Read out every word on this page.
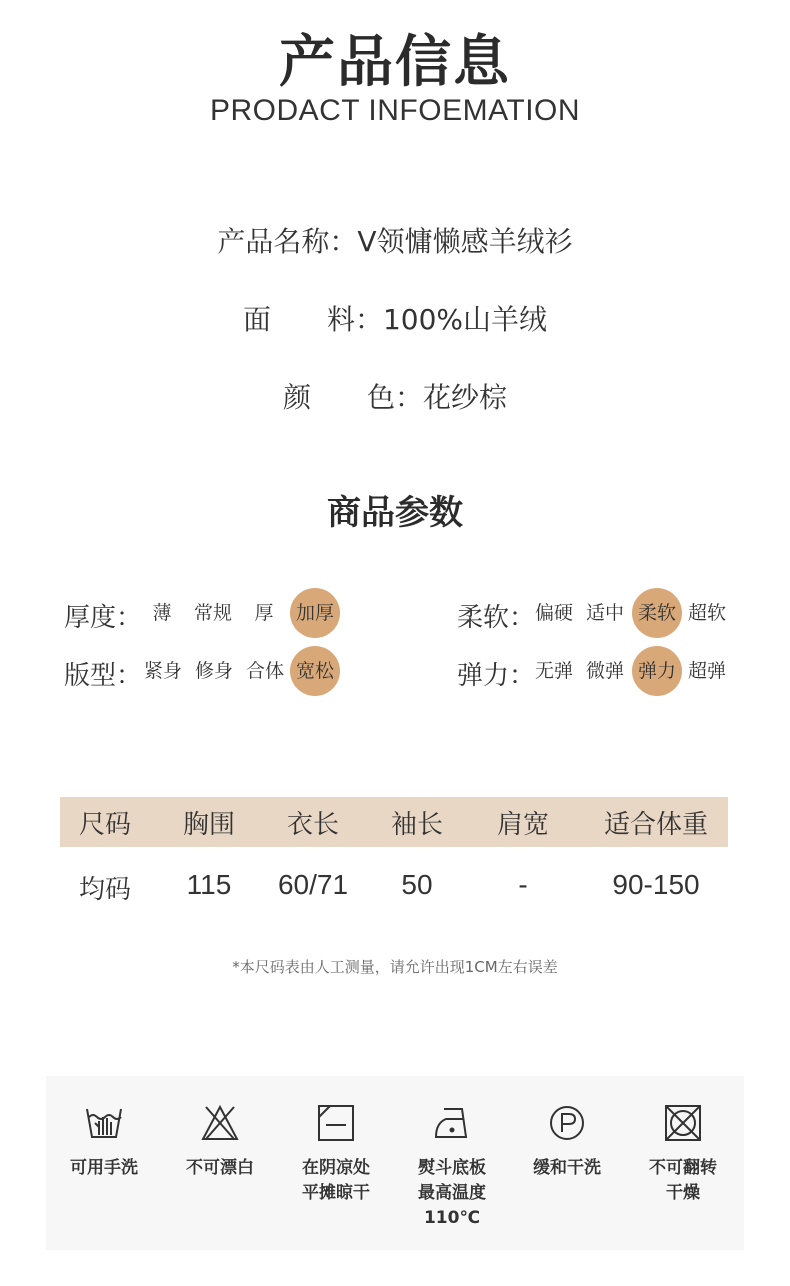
产品信息
PRODACT INFOEMATION
产品名称：V领慵懒感羊绒衫
面 料：100%山羊绒
颜 色：花纱棕
商品参数
厚度： 薄	常规	厚	加厚	柔软： 偏硬 适中 柔软 超软
版型： 紧身 修身 合体 宽松	弹力： 无弹 微弹 弹力 超弹
尺码	胸围	衣长	袖长	肩宽	适合体重
均码	115	60/71	50	-	90-150
*本尺码表由人工测量，请允许出现1CM左右误差
可用手洗	不可漂白	在阴凉处
平摊晾干
熨斗底板
最高温度
110℃
缓和干洗	不可翻转
干燥
